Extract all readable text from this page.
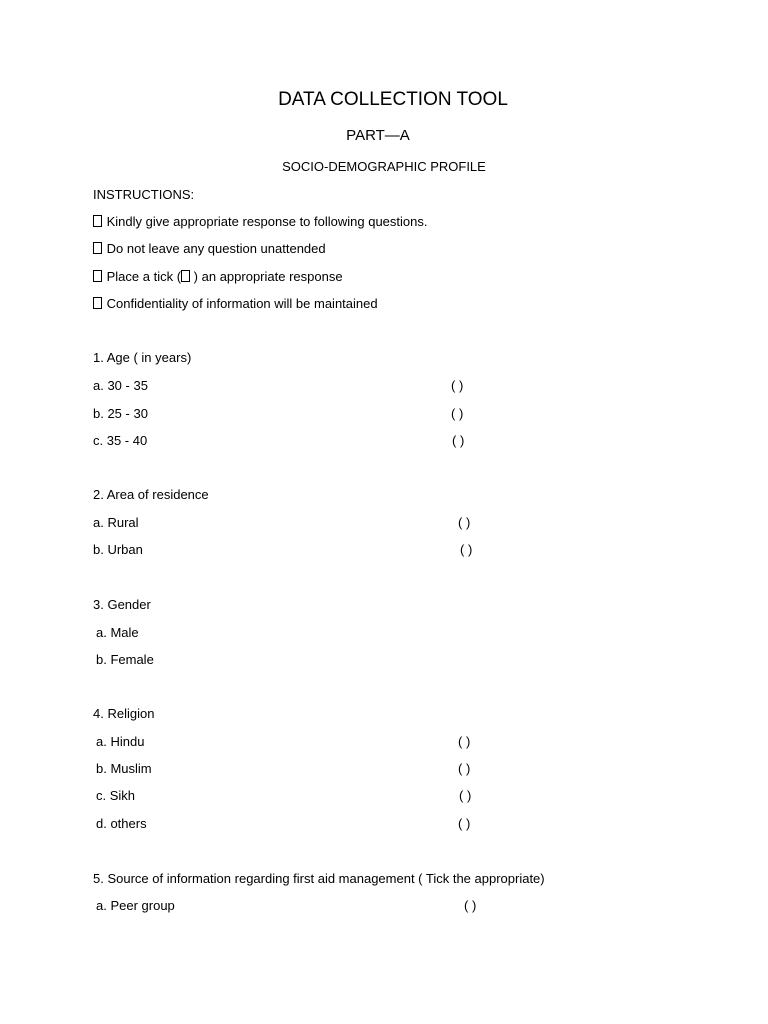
DATA COLLECTION TOOL
PART—A
SOCIO-DEMOGRAPHIC PROFILE
INSTRUCTIONS:
Kindly give appropriate response to following questions.
Do not leave any question unattended
Place a tick ( ) an appropriate response
Confidentiality of information will be maintained
1. Age ( in years)
a. 30 - 35	( )
b. 25 - 30	( )
c. 35 - 40	( )
2. Area of residence
a. Rural	( )
b. Urban	( )
3. Gender
a. Male
b. Female
4. Religion
a. Hindu	( )
b. Muslim	( )
c. Sikh	( )
d. others	( )
5. Source of information regarding first aid management ( Tick the appropriate)
a. Peer group	( )
